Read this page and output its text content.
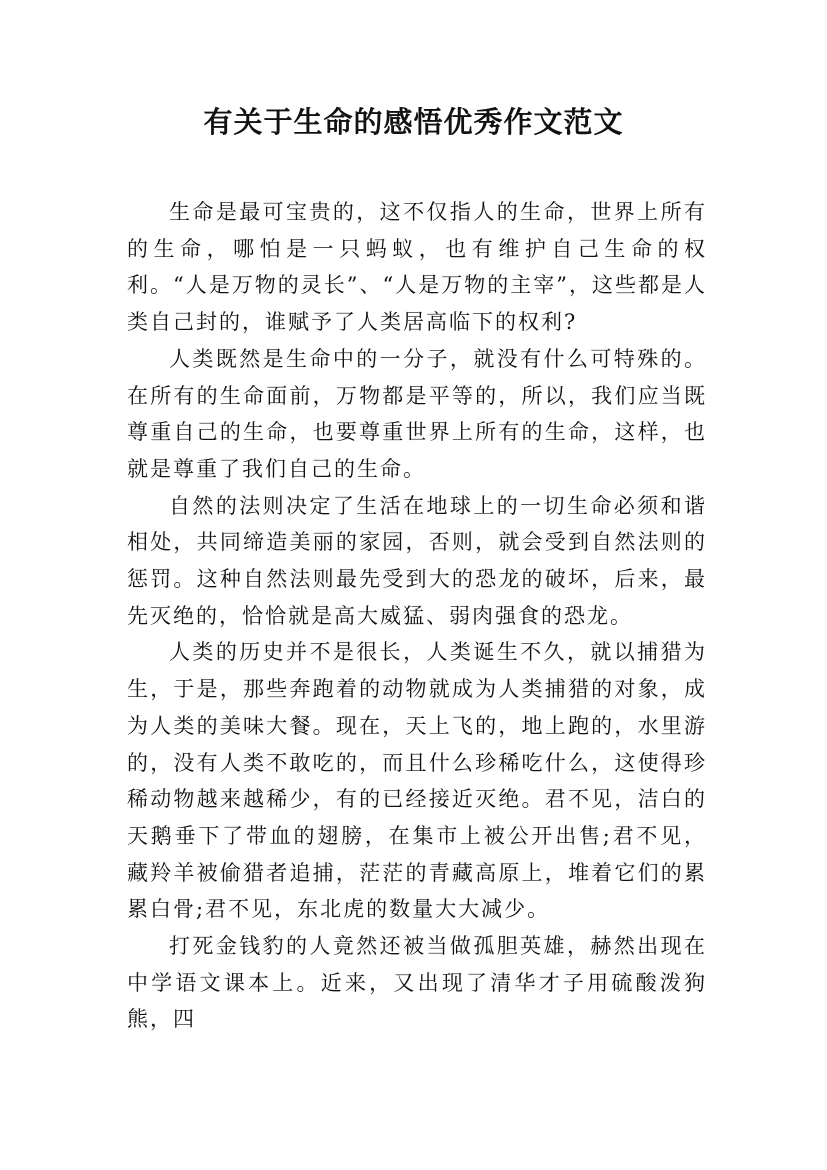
有关于生命的感悟优秀作文范文

生命是最可宝贵的，这不仅指人的生命，世界上所有的生命，哪怕是一只蚂蚁，也有维护自己生命的权利。“人是万物的灵长”、“人是万物的主宰”，这些都是人类自己封的，谁赋予了人类居高临下的权利?

人类既然是生命中的一分子，就没有什么可特殊的。在所有的生命面前，万物都是平等的，所以，我们应当既尊重自己的生命，也要尊重世界上所有的生命，这样，也就是尊重了我们自己的生命。

自然的法则决定了生活在地球上的一切生命必须和谐相处，共同缔造美丽的家园，否则，就会受到自然法则的惩罚。这种自然法则最先受到大的恐龙的破坏，后来，最先灭绝的，恰恰就是高大威猛、弱肉强食的恐龙。

人类的历史并不是很长，人类诞生不久，就以捕猎为生，于是，那些奔跑着的动物就成为人类捕猎的对象，成为人类的美味大餐。现在，天上飞的，地上跑的，水里游的，没有人类不敢吃的，而且什么珍稀吃什么，这使得珍稀动物越来越稀少，有的已经接近灭绝。君不见，洁白的天鹅垂下了带血的翅膀，在集市上被公开出售;君不见，藏羚羊被偷猎者追捕，茫茫的青藏高原上，堆着它们的累累白骨;君不见，东北虎的数量大大减少。

打死金钱豹的人竟然还被当做孤胆英雄，赫然出现在中学语文课本上。近来，又出现了清华才子用硫酸泼狗熊，四
